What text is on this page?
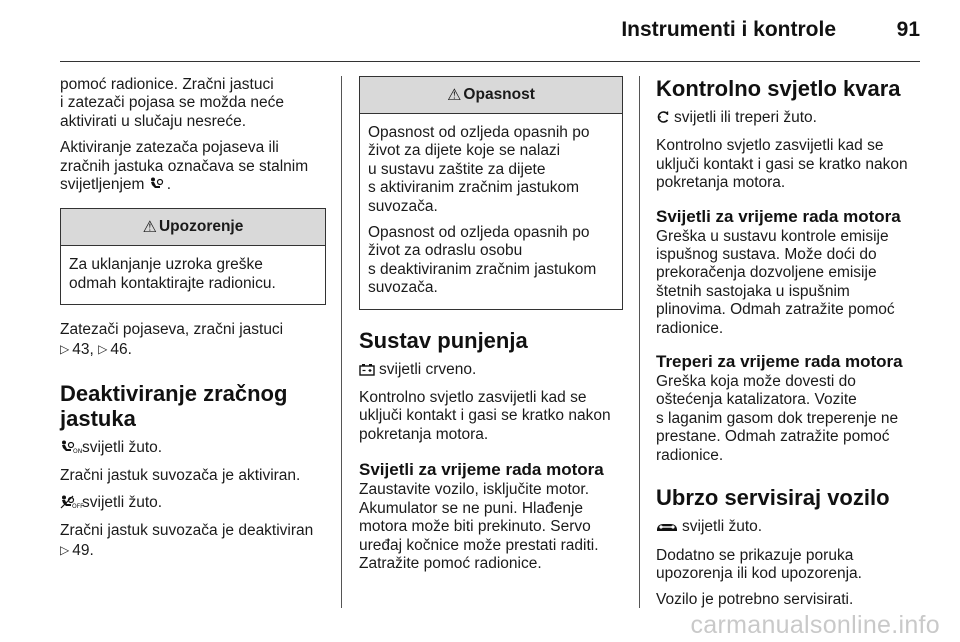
Instrumenti i kontrole	91

pomoć radionice. Zračni jastuci
i zatezači pojasa se možda neće
aktivirati u slučaju nesreće.

Aktiviranje zatezača pojaseva ili
zračnih jastuka označava se stalnim
svijetljenjem .

⚠ Upozorenje

Za uklanjanje uzroka greške
odmah kontaktirajte radionicu.

Zatezači pojaseva, zračni jastuci
▷ 43, ▷ 46.

Deaktiviranje zračnog
jastuka

ON svijetli žuto.

Zračni jastuk suvozača je aktiviran.

OFF
svijetli žuto.

Zračni jastuk suvozača je deaktiviran
▷ 49.

⚠ Opasnost

Opasnost od ozljeda opasnih po
život za dijete koje se nalazi
u sustavu zaštite za dijete
s aktiviranim zračnim jastukom
suvozača.

Opasnost od ozljeda opasnih po
život za odraslu osobu
s deaktiviranim zračnim jastukom
suvozača.

Sustav punjenja

svijetli crveno.

Kontrolno svjetlo zasvijetli kad se
uključi kontakt i gasi se kratko nakon
pokretanja motora.

Svijetli za vrijeme rada motora

Zaustavite vozilo, isključite motor.
Akumulator se ne puni. Hlađenje
motora može biti prekinuto. Servo
uređaj kočnice može prestati raditi.
Zatražite pomoć radionice.

Kontrolno svjetlo kvara

svijetli ili treperi žuto.

Kontrolno svjetlo zasvijetli kad se
uključi kontakt i gasi se kratko nakon
pokretanja motora.

Svijetli za vrijeme rada motora

Greška u sustavu kontrole emisije
ispušnog sustava. Može doći do
prekoračenja dozvoljene emisije
štetnih sastojaka u ispušnim
plinovima. Odmah zatražite pomoć
radionice.

Treperi za vrijeme rada motora

Greška koja može dovesti do
oštećenja katalizatora. Vozite
s laganim gasom dok treperenje ne
prestane. Odmah zatražite pomoć
radionice.

Ubrzo servisiraj vozilo

svijetli žuto.

Dodatno se prikazuje poruka
upozorenja ili kod upozorenja.

Vozilo je potrebno servisirati.

carmanualsonline.info
